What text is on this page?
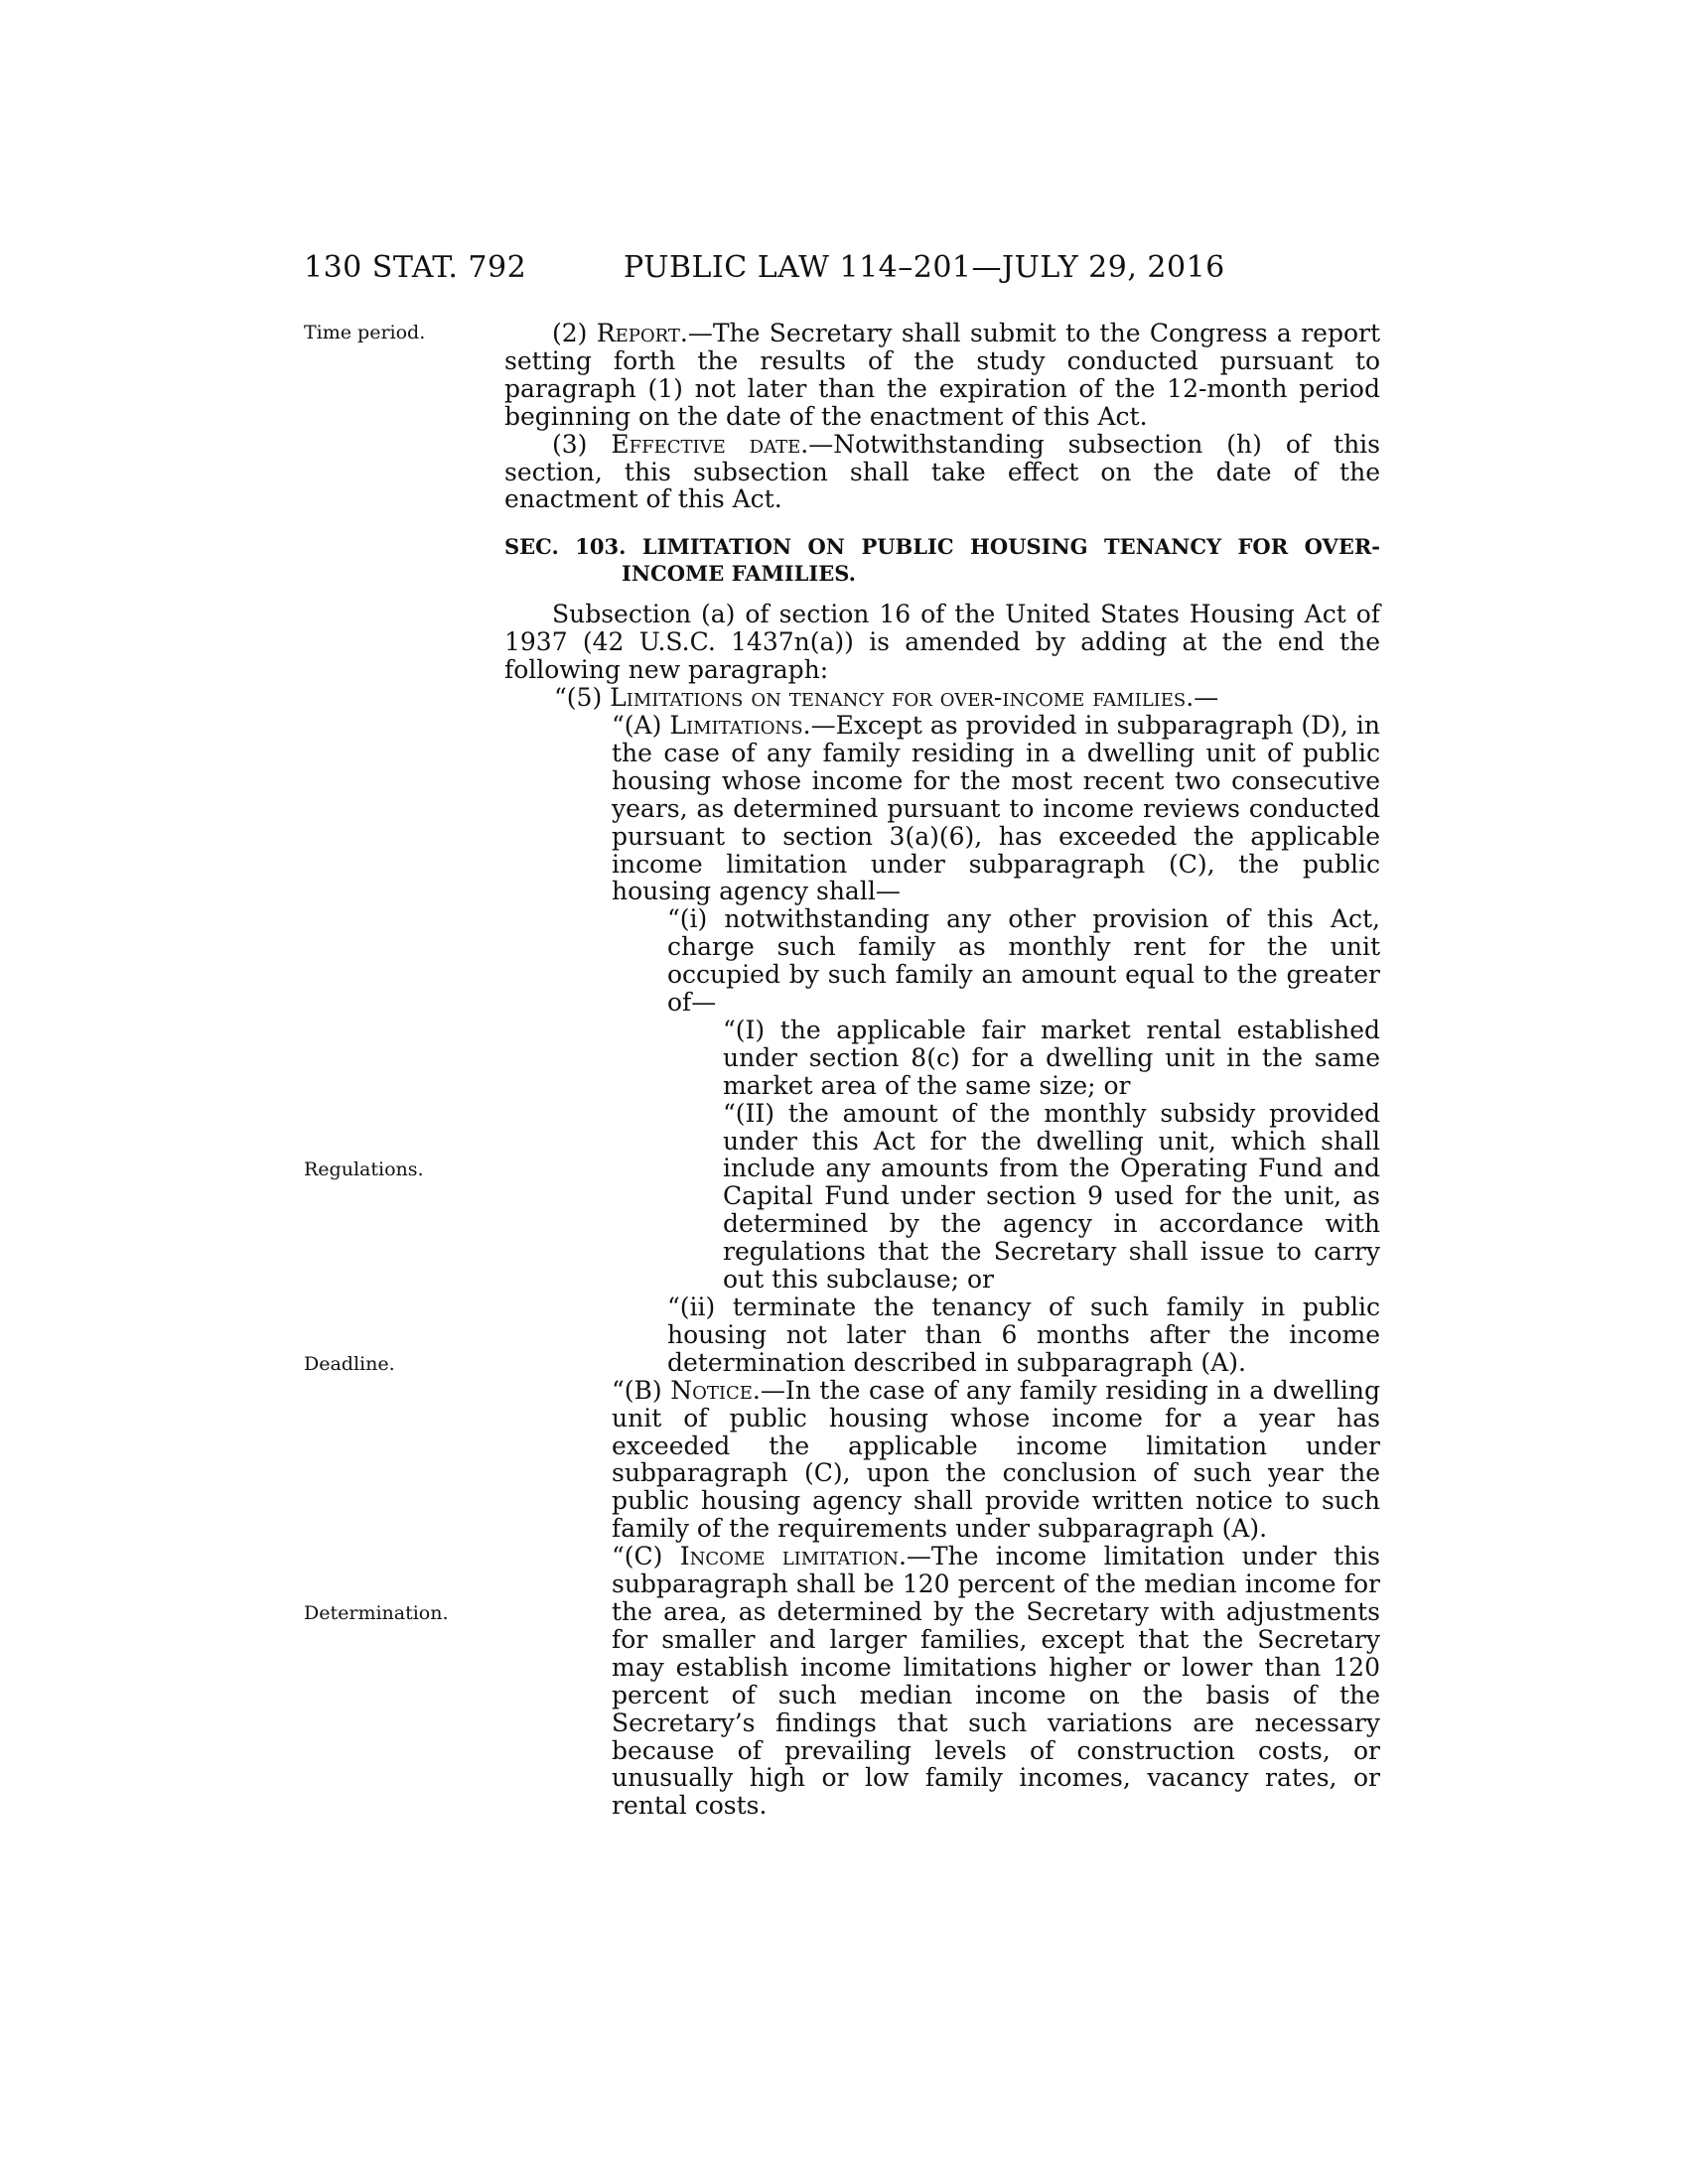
130 STAT. 792	PUBLIC LAW 114–201—JULY 29, 2016
Time period.
Regulations.
Deadline.
Determination.

(2) Report.—The Secretary shall submit to the Congress a report setting forth the results of the study conducted pursuant to paragraph (1) not later than the expiration of the 12-month period beginning on the date of the enactment of this Act.

(3) Effective date.—Notwithstanding subsection (h) of this section, this subsection shall take effect on the date of the enactment of this Act.

SEC. 103. LIMITATION ON PUBLIC HOUSING TENANCY FOR OVER-INCOME FAMILIES.

Subsection (a) of section 16 of the United States Housing Act of 1937 (42 U.S.C. 1437n(a)) is amended by adding at the end the following new paragraph:

“(5) Limitations on tenancy for over-income families.—

“(A) Limitations.—Except as provided in subparagraph (D), in the case of any family residing in a dwelling unit of public housing whose income for the most recent two consecutive years, as determined pursuant to income reviews conducted pursuant to section 3(a)(6), has exceeded the applicable income limitation under subparagraph (C), the public housing agency shall—

“(i) notwithstanding any other provision of this Act, charge such family as monthly rent for the unit occupied by such family an amount equal to the greater of—

“(I) the applicable fair market rental established under section 8(c) for a dwelling unit in the same market area of the same size; or

“(II) the amount of the monthly subsidy provided under this Act for the dwelling unit, which shall include any amounts from the Operating Fund and Capital Fund under section 9 used for the unit, as determined by the agency in accordance with regulations that the Secretary shall issue to carry out this subclause; or

“(ii) terminate the tenancy of such family in public housing not later than 6 months after the income determination described in subparagraph (A).

“(B) Notice.—In the case of any family residing in a dwelling unit of public housing whose income for a year has exceeded the applicable income limitation under subparagraph (C), upon the conclusion of such year the public housing agency shall provide written notice to such family of the requirements under subparagraph (A).

“(C) Income limitation.—The income limitation under this subparagraph shall be 120 percent of the median income for the area, as determined by the Secretary with adjustments for smaller and larger families, except that the Secretary may establish income limitations higher or lower than 120 percent of such median income on the basis of the Secretary’s findings that such variations are necessary because of prevailing levels of construction costs, or unusually high or low family incomes, vacancy rates, or rental costs.
